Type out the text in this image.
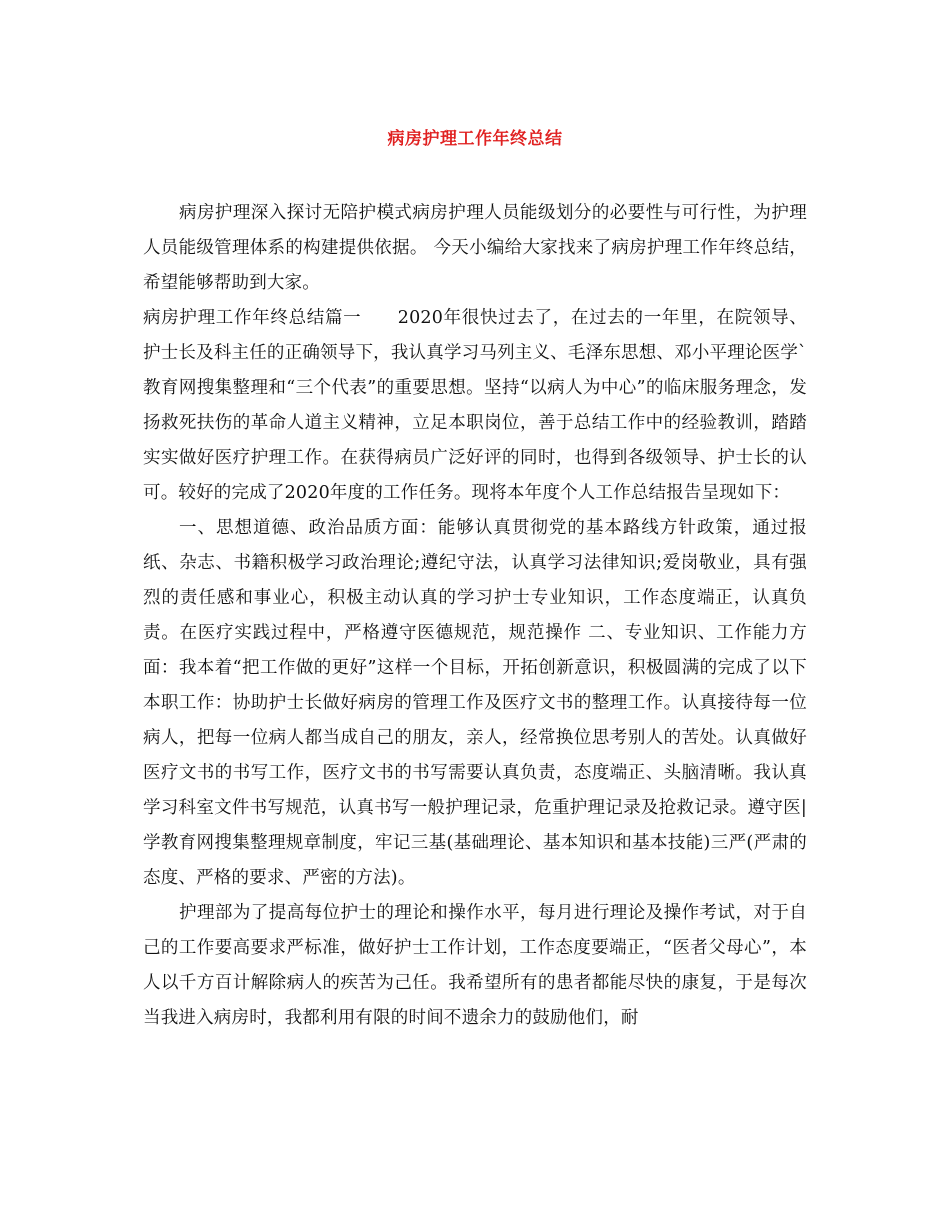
病房护理工作年终总结

病房护理深入探讨无陪护模式病房护理人员能级划分的必要性与可行性，为护理人员能级管理体系的构建提供依据。 今天小编给大家找来了病房护理工作年终总结，希望能够帮助到大家。

病房护理工作年终总结篇一　　2020年很快过去了，在过去的一年里，在院领导、护士长及科主任的正确领导下，我认真学习马列主义、毛泽东思想、邓小平理论医学`教育网搜集整理和“三个代表”的重要思想。坚持“以病人为中心”的临床服务理念，发扬救死扶伤的革命人道主义精神，立足本职岗位，善于总结工作中的经验教训，踏踏实实做好医疗护理工作。在获得病员广泛好评的同时，也得到各级领导、护士长的认可。较好的完成了2020年度的工作任务。现将本年度个人工作总结报告呈现如下：

一、思想道德、政治品质方面：能够认真贯彻党的基本路线方针政策，通过报纸、杂志、书籍积极学习政治理论;遵纪守法，认真学习法律知识;爱岗敬业，具有强烈的责任感和事业心，积极主动认真的学习护士专业知识，工作态度端正，认真负责。在医疗实践过程中，严格遵守医德规范，规范操作 二、专业知识、工作能力方面：我本着“把工作做的更好”这样一个目标，开拓创新意识，积极圆满的完成了以下本职工作：协助护士长做好病房的管理工作及医疗文书的整理工作。认真接待每一位病人，把每一位病人都当成自己的朋友，亲人，经常换位思考别人的苦处。认真做好医疗文书的书写工作，医疗文书的书写需要认真负责，态度端正、头脑清晰。我认真学习科室文件书写规范，认真书写一般护理记录，危重护理记录及抢救记录。遵守医|学教育网搜集整理规章制度，牢记三基(基础理论、基本知识和基本技能)三严(严肃的态度、严格的要求、严密的方法)。

护理部为了提高每位护士的理论和操作水平，每月进行理论及操作考试，对于自己的工作要高要求严标准，做好护士工作计划，工作态度要端正，“医者父母心”，本人以千方百计解除病人的疾苦为己任。我希望所有的患者都能尽快的康复，于是每次当我进入病房时，我都利用有限的时间不遗余力的鼓励他们，耐
